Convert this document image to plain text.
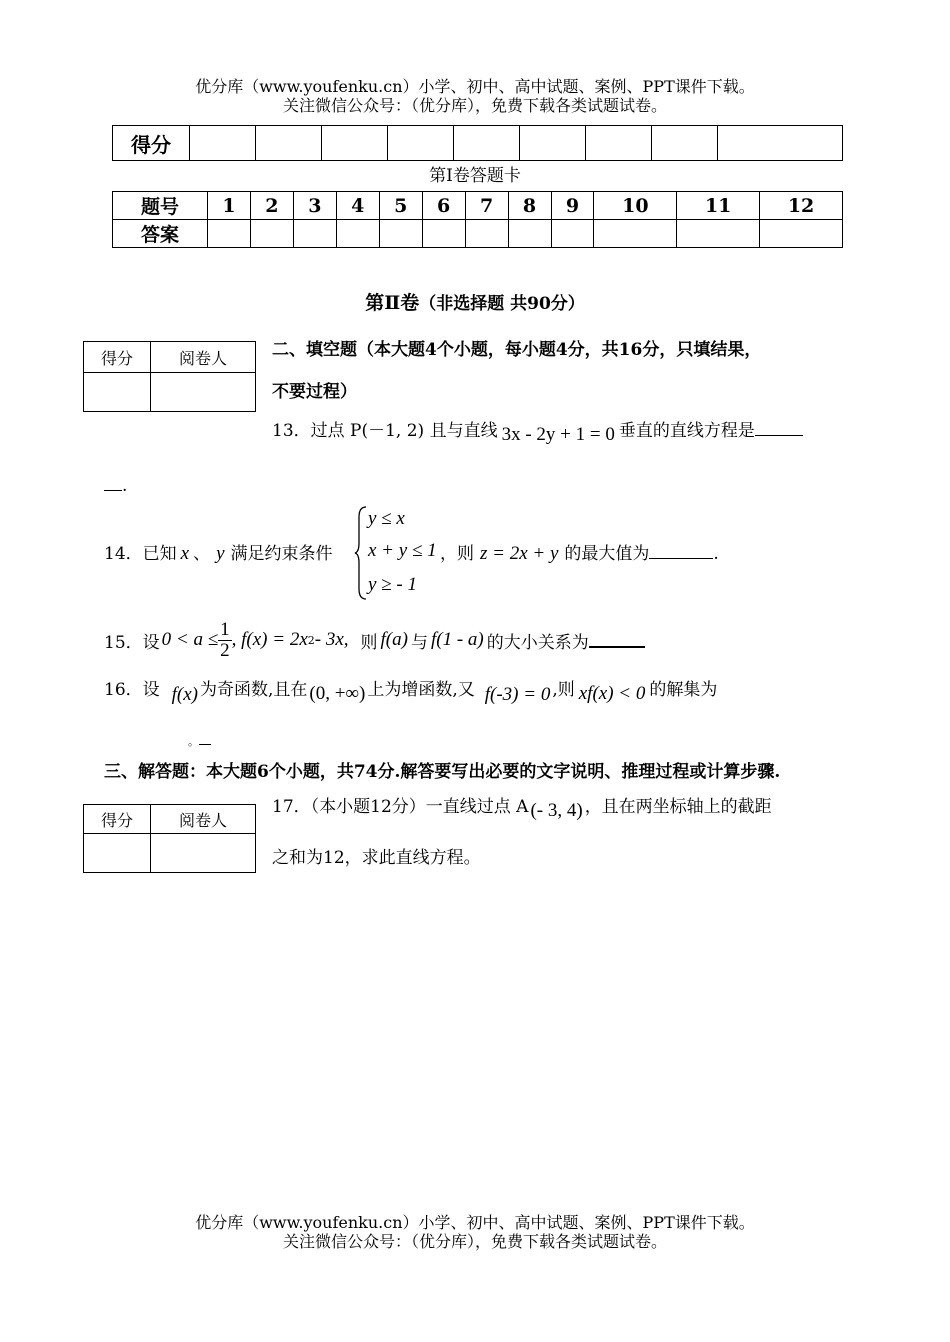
优分库（www.youfenku.cn）小学、初中、高中试题、案例、PPT课件下载。
关注微信公众号：（优分库），免费下载各类试题试卷。
得分									
第Ⅰ卷答题卡
题号	1	2	3	4	5	6	7	8	9	10	11	12
答案												
第Ⅱ卷（非选择题 共90分）
得分	阅卷人
		二、填空题（本大题4个小题，每小题4分，共16分，只填结果，
不要过程）
13．过点 P(－1, 2) 且与直线 3x - 2y + 1 = 0 垂直的直线方程是
.
14．已知 x 、 y 满足约束条件
y ≤ x
x + y ≤ 1
y ≥ - 1
，则 z = 2x + y 的最大值为	.
15．设 $0 < a \le \frac{1}{2}$ , f(x) = 2x 2 - 3x, 则 f(a) 与 f(1 - a) 的大小关系为
16．设 f(x) 为奇函数,且在 (0, +∞) 上为增函数,又 f(-3) = 0 ,则 xf(x) < 0 的解集为
。
三、解答题：本大题6个小题，共74分.解答要写出必要的文字说明、推理过程或计算步骤.
得分	阅卷人

17．（本小题12分）一直线过点 A (- 3, 4) ，且在两坐标轴上的截距
之和为12，求此直线方程。
优分库（www.youfenku.cn）小学、初中、高中试题、案例、PPT课件下载。
关注微信公众号：（优分库），免费下载各类试题试卷。
